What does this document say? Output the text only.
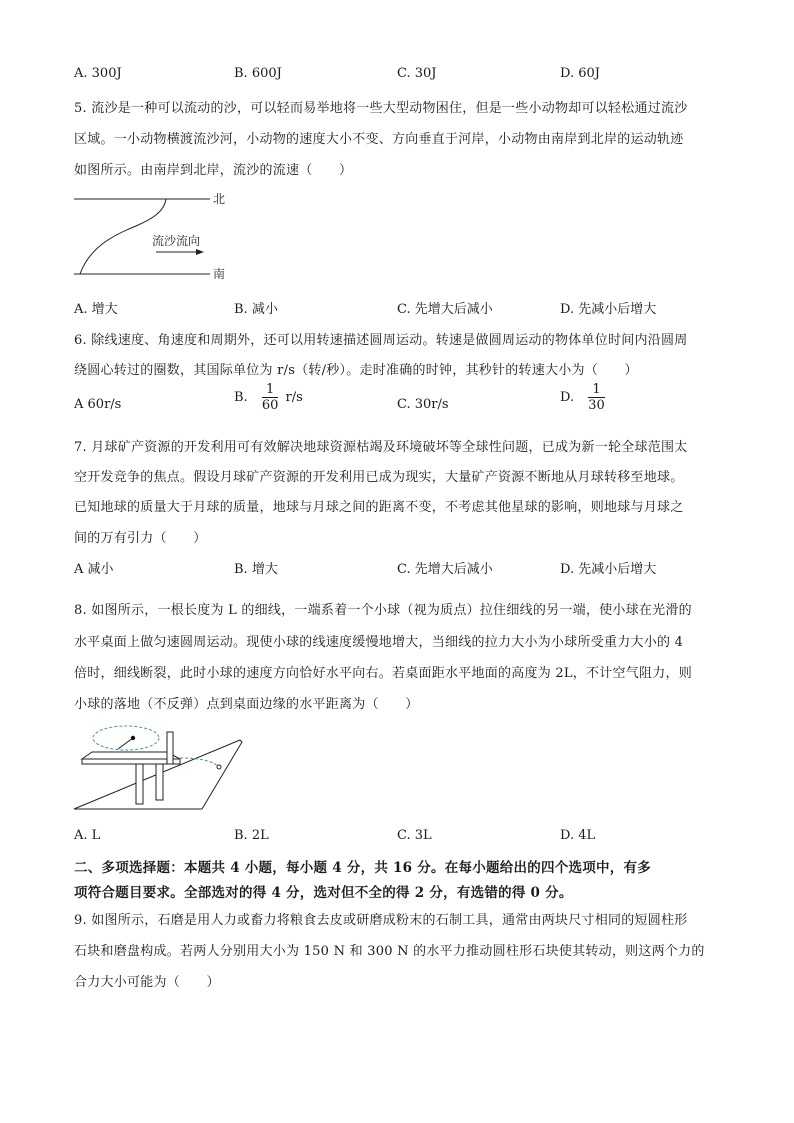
A. 300J	B. 600J	C. 30J	D. 60J
5. 流沙是一种可以流动的沙，可以轻而易举地将一些大型动物困住，但是一些小动物却可以轻松通过流沙
区域。一小动物横渡流沙河，小动物的速度大小不变、方向垂直于河岸，小动物由南岸到北岸的运动轨迹
如图所示。由南岸到北岸，流沙的流速（　　）
流沙流向
北
南
A. 增大	B. 减小	C. 先增大后减小	D. 先减小后增大
6. 除线速度、角速度和周期外，还可以用转速描述圆周运动。转速是做圆周运动的物体单位时间内沿圆周
绕圆心转过的圈数，其国际单位为 r/s（转/秒）。走时准确的时钟，其秒针的转速大小为（　　）
A 60r/s	B. $\frac{1}{60} r/s$	C. 30r/s	D. $\frac{1}{30}$
7. 月球矿产资源的开发利用可有效解决地球资源枯竭及环境破坏等全球性问题，已成为新一轮全球范围太
空开发竞争的焦点。假设月球矿产资源的开发利用已成为现实，大量矿产资源不断地从月球转移至地球。
已知地球的质量大于月球的质量，地球与月球之间的距离不变，不考虑其他星球的影响，则地球与月球之
间的万有引力（　　）
A 减小	B. 增大	C. 先增大后减小	D. 先减小后增大
8. 如图所示，一根长度为 L 的细线，一端系着一个小球（视为质点）拉住细线的另一端，使小球在光滑的
水平桌面上做匀速圆周运动。现使小球的线速度缓慢地增大，当细线的拉力大小为小球所受重力大小的 4
倍时，细线断裂，此时小球的速度方向恰好水平向右。若桌面距水平地面的高度为 2L，不计空气阻力，则
小球的落地（不反弹）点到桌面边缘的水平距离为（　　）
A. L	B. 2L	C. 3L	D. 4L
二、多项选择题：本题共 4 小题，每小题 4 分，共 16 分。在每小题给出的四个选项中，有多
项符合题目要求。全部选对的得 4 分，选对但不全的得 2 分，有选错的得 0 分。
9. 如图所示，石磨是用人力或畜力将粮食去皮或研磨成粉末的石制工具，通常由两块尺寸相同的短圆柱形
石块和磨盘构成。若两人分别用大小为 150 N 和 300 N 的水平力推动圆柱形石块使其转动，则这两个力的
合力大小可能为（　　）
